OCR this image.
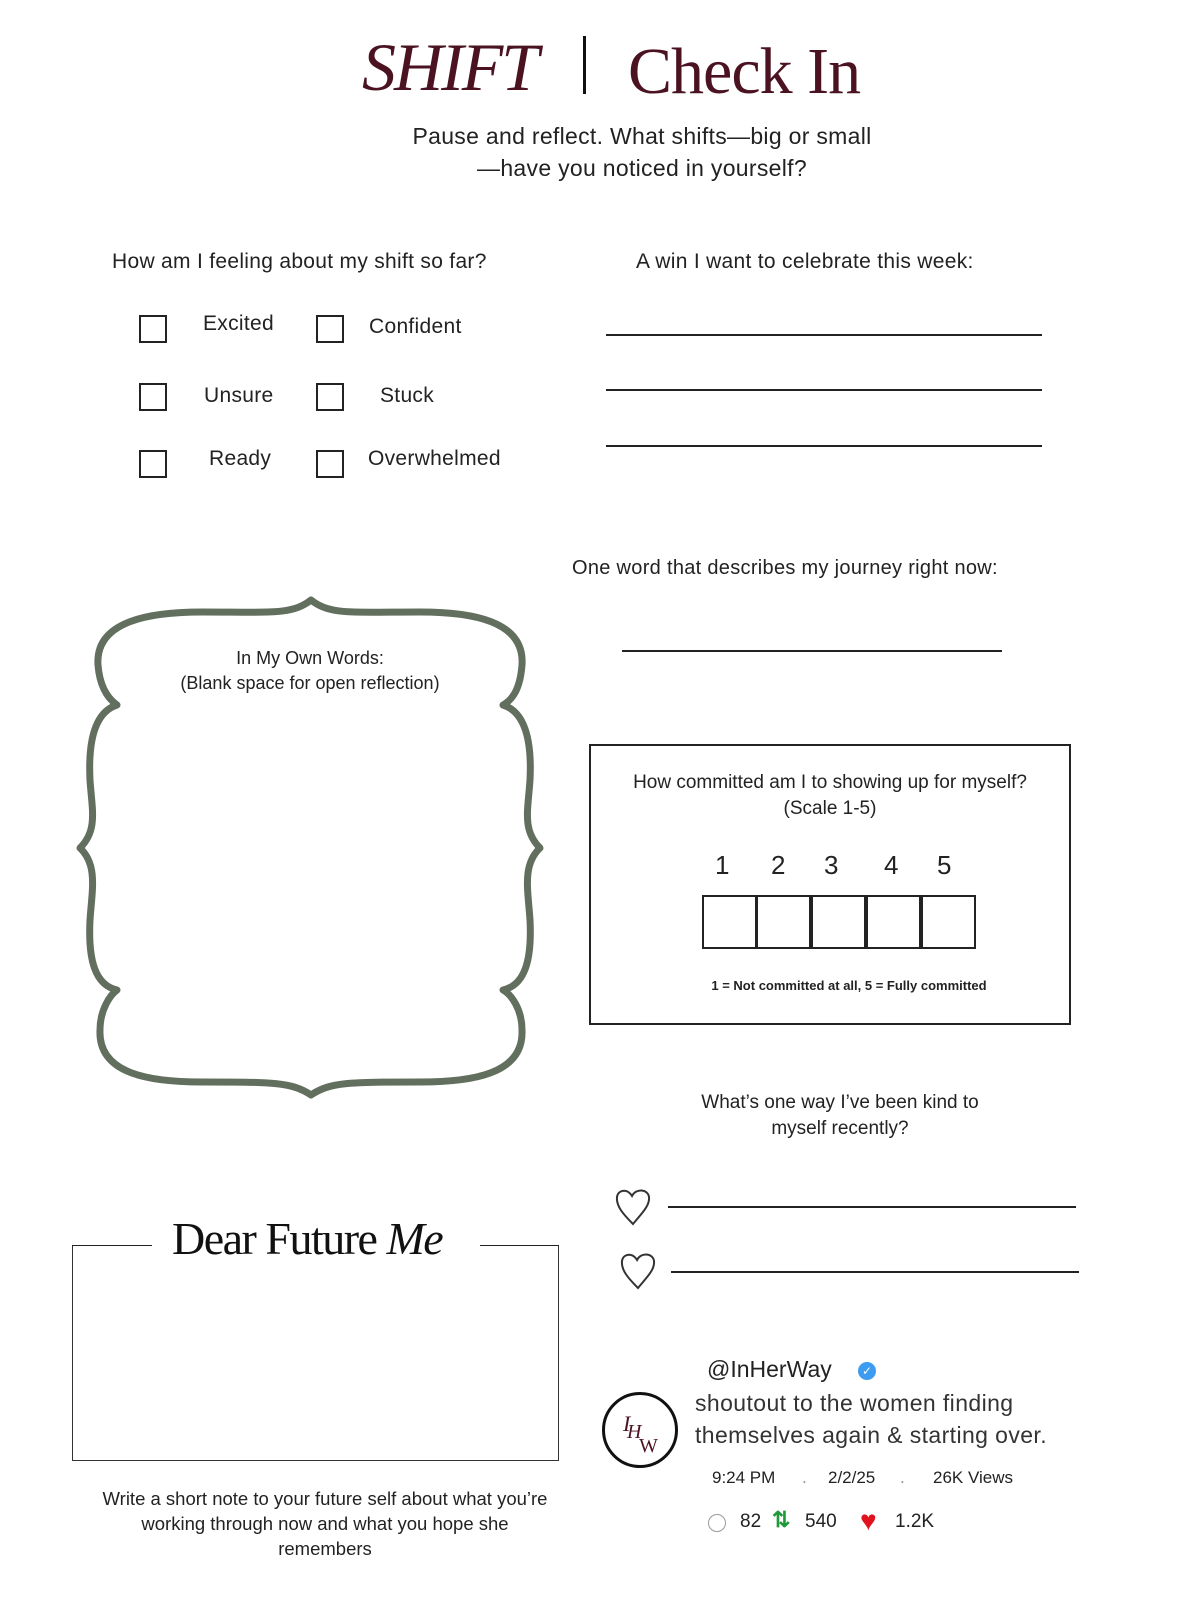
SHIFT Check In
Pause and reflect. What shifts—big or small
—have you noticed in yourself?
How am I feeling about my shift so far?
Excited	Confident
Unsure	Stuck
Ready	Overwhelmed
A win I want to celebrate this week:
One word that describes my journey right now:
In My Own Words:
(Blank space for open reflection)
How committed am I to showing up for myself?
(Scale 1-5)
1 2 3 4 5
1 = Not committed at all, 5 = Fully committed
What’s one way I’ve been kind to
myself recently?
Dear Future Me
Write a short note to your future self about what you’re
working through now and what you hope she
remembers
I H
W
@InHerWay	✓
shoutout to the women finding
themselves again & starting over.
9:24 PM . 2/2/25 . 26K Views
82 ⇅ 540 ♥ 1.2K
